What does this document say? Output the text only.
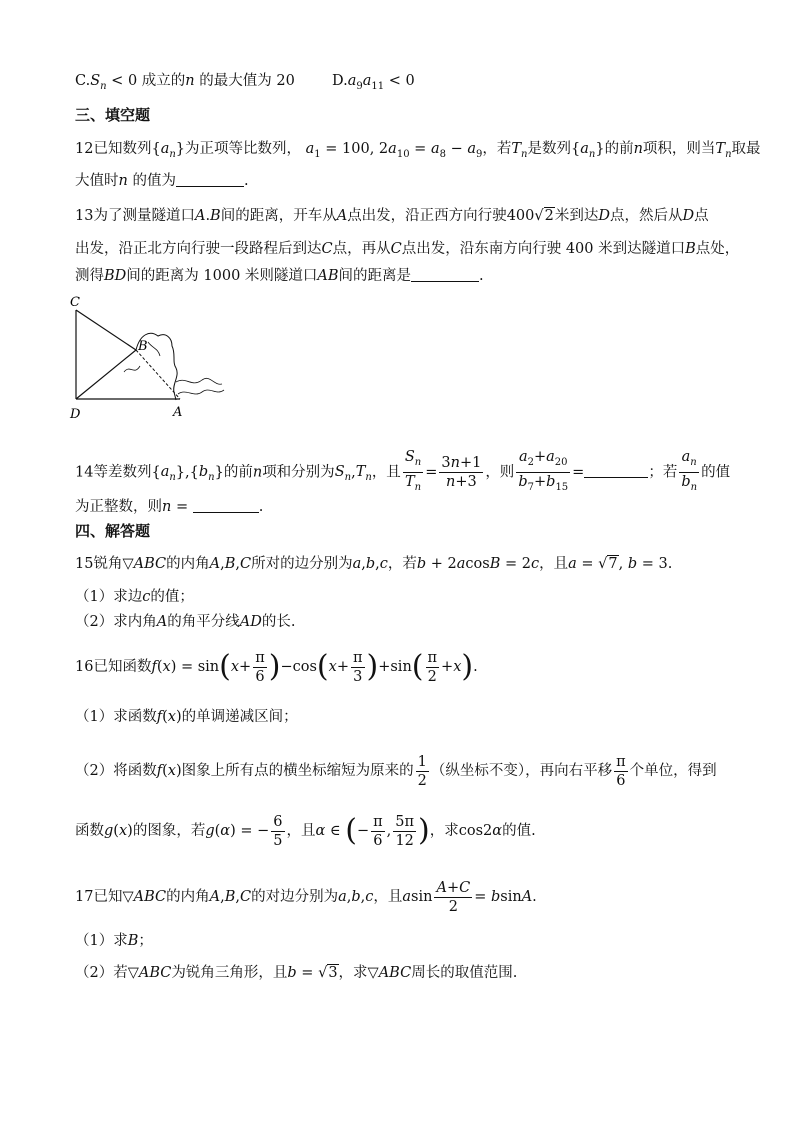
$C.S_n < 0$ 成立的n 的最大值为 20	$D.a_9a_{11} < 0$
三、填空题
12已知数列$\{a_n\}$为正项等比数列， $a_1 = 100$, $2a_{10} = a_8 - a_9$，若$T_n$是数列$\{a_n\}$的前n项积，则当$T_n$取最
大值时n 的值为	.
13为了测量隧道口A.B间的距离，开车从A点出发，沿正西方向行驶400√2米到达D点，然后从D点
出发，沿正北方向行驶一段路程后到达C点，再从C点出发，沿东南方向行驶 400 米到达隧道口B点处，
测得BD间的距离为 1000 米则隧道口AB间的距离是	.
C
B
D	A
14等差数列$\{a_n\},\{b_n\}$的前n项和分别为$S_n,T_n$，且 $\frac{S_n}{T_n} = \frac{3n+1}{n+3}$ ，则 $\frac{a_2+a_{20}}{b_7+b_{15}}$ =	；若 $\frac{a_n}{b_n}$ 的值
为正整数，则n =	.
四、解答题
15锐角▽ABC的内角A,B,C所对的边分别为a,b,c，若b + 2acosB = 2c，且a = √7, b = 3.
（1）求边c的值；
（2）求内角A的角平分线AD的长.
16已知函数$f(x) = \sin(x+ \frac{\pi}{6} )-\cos(x+ \frac{\pi}{3} )+\sin( \frac{\pi}{2} +x)$.
（1）求函数f(x)的单调递减区间；
（2）将函数f(x)图象上所有点的横坐标缩短为原来的 $\frac{1}{2}$ （纵坐标不变），再向右平移 $\frac{\pi}{6}$ 个单位，得到
函数g(x)的图象，若g(α) = − $\frac{6}{5}$ ，且α ∈ (− $\frac{\pi}{6}$ , $\frac{5\pi}{12}$ )，求cos2α的值.
17已知▽ABC的内角A,B,C的对边分别为a,b,c，且asin $\frac{A+C}{2} = bsinA$.
（1）求B；
（2）若▽ABC为锐角三角形，且b = √3，求▽ABC周长的取值范围.
